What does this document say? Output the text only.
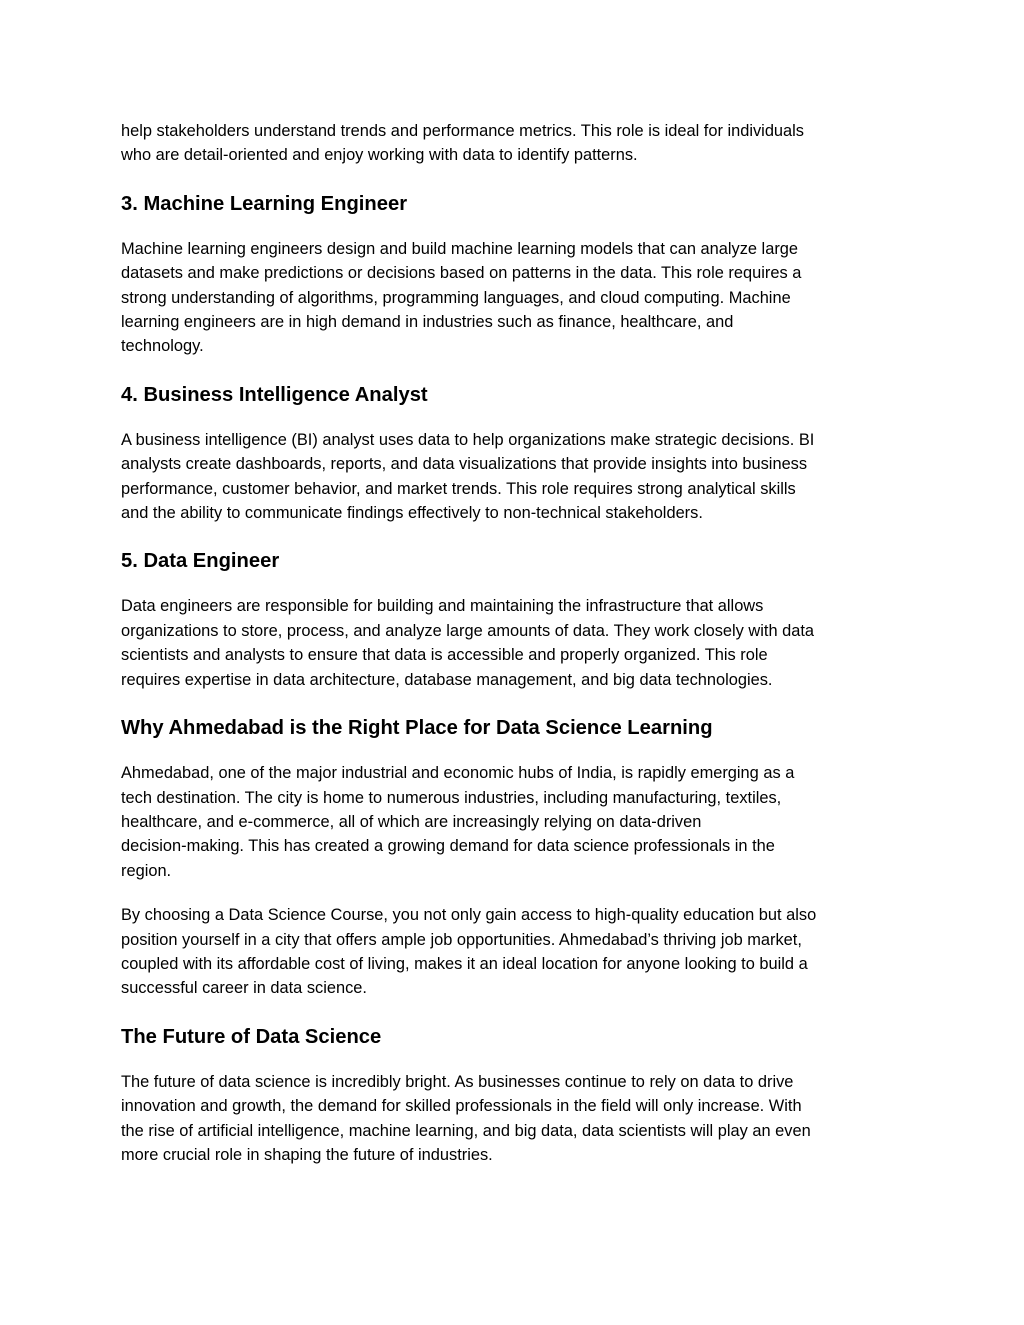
help stakeholders understand trends and performance metrics. This role is ideal for individuals
who are detail-oriented and enjoy working with data to identify patterns.

3. Machine Learning Engineer

Machine learning engineers design and build machine learning models that can analyze large
datasets and make predictions or decisions based on patterns in the data. This role requires a
strong understanding of algorithms, programming languages, and cloud computing. Machine
learning engineers are in high demand in industries such as finance, healthcare, and
technology.

4. Business Intelligence Analyst

A business intelligence (BI) analyst uses data to help organizations make strategic decisions. BI
analysts create dashboards, reports, and data visualizations that provide insights into business
performance, customer behavior, and market trends. This role requires strong analytical skills
and the ability to communicate findings effectively to non-technical stakeholders.

5. Data Engineer

Data engineers are responsible for building and maintaining the infrastructure that allows
organizations to store, process, and analyze large amounts of data. They work closely with data
scientists and analysts to ensure that data is accessible and properly organized. This role
requires expertise in data architecture, database management, and big data technologies.

Why Ahmedabad is the Right Place for Data Science Learning

Ahmedabad, one of the major industrial and economic hubs of India, is rapidly emerging as a
tech destination. The city is home to numerous industries, including manufacturing, textiles,
healthcare, and e-commerce, all of which are increasingly relying on data-driven
decision-making. This has created a growing demand for data science professionals in the
region.

By choosing a Data Science Course, you not only gain access to high-quality education but also
position yourself in a city that offers ample job opportunities. Ahmedabad’s thriving job market,
coupled with its affordable cost of living, makes it an ideal location for anyone looking to build a
successful career in data science.

The Future of Data Science

The future of data science is incredibly bright. As businesses continue to rely on data to drive
innovation and growth, the demand for skilled professionals in the field will only increase. With
the rise of artificial intelligence, machine learning, and big data, data scientists will play an even
more crucial role in shaping the future of industries.
